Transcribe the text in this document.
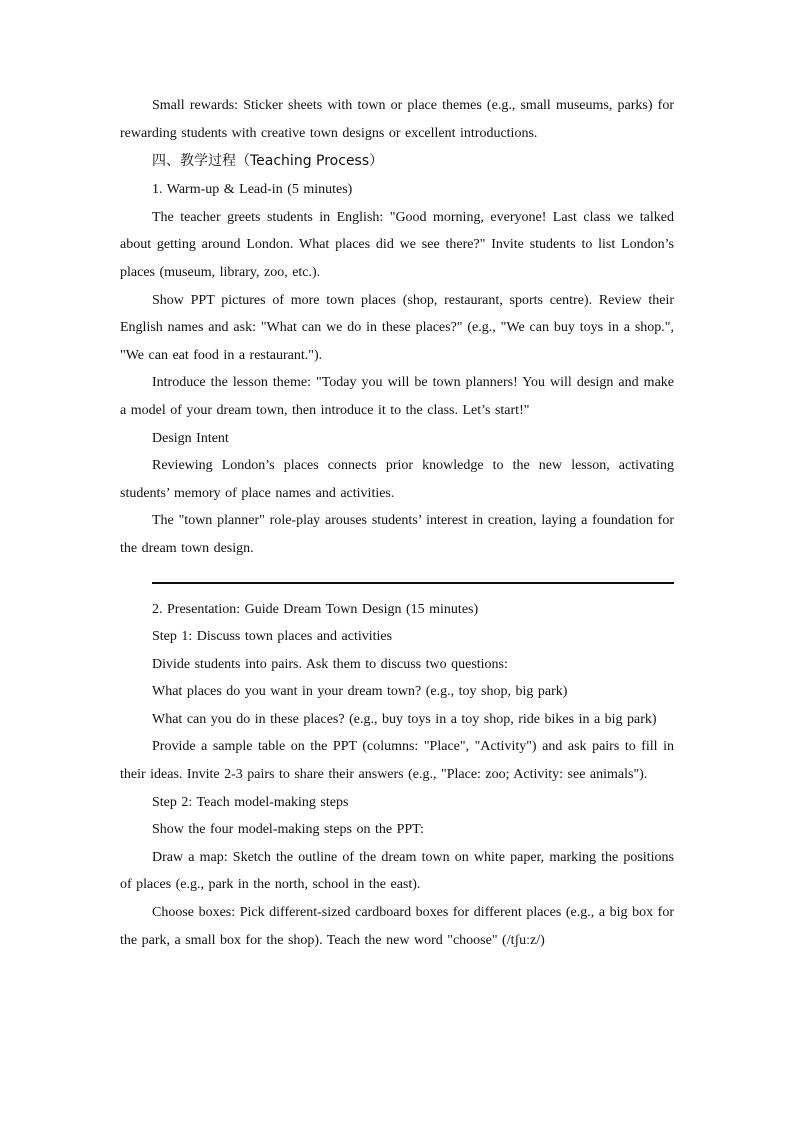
Small rewards: Sticker sheets with town or place themes (e.g., small museums, parks) for rewarding students with creative town designs or excellent introductions.

四、教学过程（Teaching Process）

1. Warm-up & Lead-in (5 minutes)

The teacher greets students in English: "Good morning, everyone! Last class we talked about getting around London. What places did we see there?" Invite students to list London’s places (museum, library, zoo, etc.).

Show PPT pictures of more town places (shop, restaurant, sports centre). Review their English names and ask: "What can we do in these places?" (e.g., "We can buy toys in a shop.", "We can eat food in a restaurant.").

Introduce the lesson theme: "Today you will be town planners! You will design and make a model of your dream town, then introduce it to the class. Let’s start!"

Design Intent

Reviewing London’s places connects prior knowledge to the new lesson, activating students’ memory of place names and activities.

The "town planner" role-play arouses students’ interest in creation, laying a foundation for the dream town design.

2. Presentation: Guide Dream Town Design (15 minutes)

Step 1: Discuss town places and activities

Divide students into pairs. Ask them to discuss two questions:

What places do you want in your dream town? (e.g., toy shop, big park)

What can you do in these places? (e.g., buy toys in a toy shop, ride bikes in a big park)

Provide a sample table on the PPT (columns: "Place", "Activity") and ask pairs to fill in their ideas. Invite 2-3 pairs to share their answers (e.g., "Place: zoo; Activity: see animals").

Step 2: Teach model-making steps

Show the four model-making steps on the PPT:

Draw a map: Sketch the outline of the dream town on white paper, marking the positions of places (e.g., park in the north, school in the east).

Choose boxes: Pick different-sized cardboard boxes for different places (e.g., a big box for the park, a small box for the shop). Teach the new word "choose" (/tʃuːz/)
